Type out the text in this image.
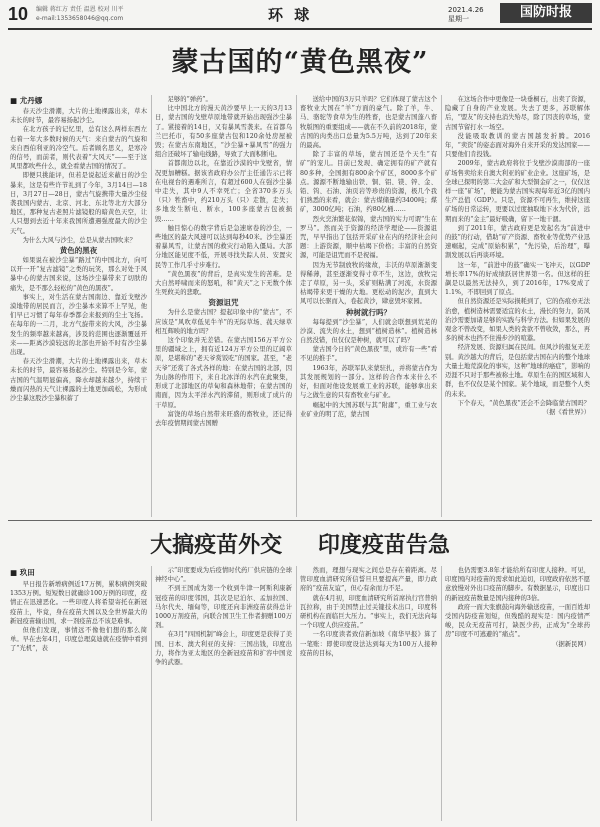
10 编辑 蒋红方 责任 温恩 校对 川平
e-mail:1353658046@qq.com	环 球	2021.4.26
星期一	国防时报
蒙古国的“黄色黑夜”
■ 尤丹娜

春天沙尘滑潮，大片的土地裸露出来，草木未长的时节，最容易扬起沙尘。

在北方孩子的记忆里，总有这么两样东西左右着一年大多数时候的天气：来自蒙古的气旋和来自西伯利亚的冷空气。后者顾名思义，是寒冷的信号，而前者，则代表着“大风天”——至于这风里都吹些什么，就全看蒙古国的情况了。

即便只挑能评，但若是说起近来蔽日的沙尘暴来，这是有些许节礼到了今年，3月14日—18日，3月27日—28日，蒙古气旋携带大量沙尘侵袭我国内蒙古、北京、河北、东北等北方大部分地区，那种复古老照片滤镜般的暗黄色天空，让人只想到去近十年来我国所遭遇强度最大的沙尘天气。

为什么大风与沙尘，总是从蒙古国吹来？

黄色的黑夜

如果说在被沙尘暴“路过”的中国北方，向可以开一开“复古滤镜”之类的玩笑，那么对处于风暴中心的蒙古国来说，这场沙尘暴带来了切肤的痛失，是不那么轻松的“黄色的黑夜”。

事实上，对生活在蒙古国南边、靠近戈壁沙漠地带的居民而言，沙尘暴本来算不上罕见，他们早已习惯了每年春季都会来报到的尘土飞扬。在每年的一二月，北方气旋带来的大风，沙尘暴发生的频率越来越高，涉及的范围也逐渐覆延开来——距离沙漠较远的北部也开始不时有沙尘暴出现。

春天沙尘滑潮，大片的土地裸露出来，草木未长的时节，最容易扬起沙尘。特别是今年，蒙古国的气温明显偏高，降水却越来越少，持续干燥而闪热的天气让裸露的土地更加疏松，为形成沙尘暴这股沙尘暴积蓄了

足够的“弹药”。

比中国北方的漫天黄沙要早上一天的3月13日，蒙古国的戈壁草原地带就开始出现强沙尘暴了。紧接着的14日，又有暴风雪袭来。在首都乌兰巴托市，有50多座蒙古包和120余处房屋被毁；在蒙古东南地区，“沙尘暴+暴风雪”的强力组合还破坏了输电线路，导致了大面积断电。

首都南边以北，在靠近沙漠的中戈壁省，情况更加糟糕。据该省政府办公厅主任通告示已将在电视台的遇难所言，有超过600人在强沙尘暴中走失，其中9人不幸死亡；全省370多万头（只）牲畜中，约210万头（只）走散，走失；多地发生断电、断水，100多座蒙古包被损毁……

触目惊心的数字背后是急速席卷的沙尘，一些地区的最大风速可以达到每秒40米。沙尘暴还着暴风雪，让蒙古国的救灾行动陷入僵局。大部分地区能见度不低，开展寻找失踪人员、安置灾民等工作几乎寸步难行。

“黄色黑夜”的背后，是真实发生的苦难。是大自然呼啸而来的怒吼，和“黄天”之下无数个体生死攸关的悲歌。

资源诅咒

为什么是蒙古国？提起印象中的“蒙古”，不应该是“风吹草低见牛羊”的无际草场、菰天绿草相互辉映的地方吗？

这个印象并无差错。在蒙古国156万平方公里的疆域之上，拥有近124万平方公里的辽阔草原，是堪称的“老天爷赏饭吃”的国家。甚至，“老天爷”还赏了各式各样的地：在蒙古国的北部，因为山脉的作用下，来自北冰洋的水汽在此聚集，形成了北部地区的草甸和森林地带；在蒙古国的南面，因为太平洋水汽的滞留，则形成了成片的干草原。

富饶的草场自然带来旺盛的畜牧业，还记得去年疫情期间蒙古国赠

送给中国的3万只羊吗？它们体现了蒙古这个畜牧业大国在“羊”方面的豪气。除了羊，牛、马、骆驼等食草为生的牲畜，也是蒙古国蓬八畜牧版图的重要组成——就在不久前的2018年，蒙古国的肉类出口总量为5.5万吨，达到了20年来的最高。

除了丰富的草场，蒙古国还是个天生“有矿”的宠儿。目前已发现、确定拥有的矿产就有80多种，全国拥有800余个矿区，8000多个矿点。源源不断地输出铁、铜、铝、镁、锌、金、铅、钨、石油、油页岩等珍贵的资源，极几个我们熟悉的来看，就会：蒙古煤储量约3400吨；煤矿，3000亿吨；石油，约80亿桶……

烈火烹油繁花似锦，蒙古国的实力可谓“生在罗马”。然而关于资源的经济学理论——资源诅咒，早早指出了包括开采矿业在内的经济社会问题：上游资源，顺中枯竭下价格；丰富的自然资源，可能是诅咒而不是祝福。

因为无节制放牧的缘故，丰沃的草原渐渐变得稀薄，甚至逐渐变得寸草不生，这边，放牧完走了草原，另一头，采矿则粘满了河流，水资源枯竭带来更干燥的大地。更松动的泥沙，直到大风可以长驱而入，卷起黄沙，肆意毁坏家园。

种树就行吗？

每每提到“沙尘暴”，人们就会联想到荒芜的沙漠、流失的水土，想到“植树造林”。植树造林自然没错，但仅仅是种树，就可以了吗？

蒙古国今日的“黄色黑夜”里，或许有一些“看不见的推手”。

1963年，苏联军队来蒙驻扎，并将蒙古作为其发展规划的一部分。这样的合作本来什么不好，但面对他设发展重工业的苏联，能够拿出来与之做生意的只有畜牧业与矿业。

崛起中的大国苏联与其“附庸”，重工业与农业矿业的明了范，蒙古国

在这场合作中更像是一块垂桐石，出卖了资源，隐藏了自身的产业发展。失去了更多，苏联解体后，“盟友”的支持也消失殆尽，除了因丧的草场，蒙古国节留打水一场空。

没能吸取教训的蒙古国越发折腾。2016年，“卖资”的姿态面对海外自来开采的发达国家——只要他们肯投钱。

2009年，蒙古政府将位于戈壁沙漠南部的一座矿场售卖给来自澳大利亚的矿业企业。这座矿场，是全球已探明的第二大金矿和大型铜金矿之一，仅仅这样一座“矿场”，便能为蒙古国实现每年近3亿的国内生产总值（GDP）。只是，资源不可再生，维持这座矿场的日常运转，更要以过度抽取地下水为代价，远期而来的“金主”最好吸确，留下一地干涸。

到了2011年，蒙古政府更是发起名为“前进中的鼓”的行动，借助“矿产资源、畜牧业等优势产业迅速崛起，完成“原始积累”，“先污染，后治理”，曝割发展以后再谈环境。

这一年，“前进中的鼓”确实一飞冲天，以GDP增长率17%的好成绩跃居世界第一名。但这样的狂飙是以最然无法持久，到了2016年，17%变成了1.1%，不即回到了原点。

但自然资源还是实际损耗到了，它的伤痕亦无法治愈，植树造林需要适宜的水土，漫长的努力，防风治沙需要加诸足够的实践与科学方法。但如果发展的观念不曾改变，如果人类的贪欲不曾收敛，那么，再多的树木也挡不住漫步沙的喧嚣。

经济发展、资源归属在民间。但风沙的报复无差别。黄沙越大的背后，是包括蒙古国在内的整个地球大量土地荒漠化的事实，这种“地球的癌症”，影响的迈涯不只对于那些被称土地。草原生在的国区域和人群，也不仅仅是某个国家。某个地域，而是整个人类的未来。

下个春天，“黄色黑夜”还会不会降临蒙古国吗？

（据《看世界》）

大搞疫苗外交 印度疫苗告急
■ 玖田

早日报告新增病例近17万例，累积病例突破1353万例。短短数日就确诊100万例的印度，疫情正在迅速恶化。一些印度人将希望寄托在新冠疫苗上，毕竟，身在疫苗大国以及全世界最大的新冠疫苗输出国，求一剂疫苗总不该是难事。

但他们发现，事情远不像他们想的那么简单。早在去年4月，印度总理莫迪就在疫情中看到了“光机”，表

示“印度要成为后疫情时代药厂供应链的全球神经中心”。

不到王国成为第一个收到牛津一阿斯利康新冠疫苗的印度邻国，其次是尼泊尔、孟加拉国、马尔代夫、缅甸等，印度还向非洲疫苗获得总计1000万剂疫苗，向联合国卫生工作者捐赠100万剂。

在3月“四国机制”峰会上，印度更是获得了美国、日本、澳大利亚的支持：三国出钱，印度出力，将作为亚太地区的全新冠疫苗和扩容中国竞争的武器。

然而，理想与现实之间总是存在着距离。尽管印度血清研究所信誓旦旦要提高产量，即力政府的“疫苗友谊”，但心有余而力不足。

就在4月初，印度血清研究所首席执行官普纳瓦拉称，由于美国禁止过关键技术出口，印度科研机构在面临巨大压力。“事实上，我们无法向每一个印度人供应疫苗。”

一名印度读者致信新加坡《南华早报》算了一笔账：即使印度设法达到每天为100万人接种疫苗的目标，

也仍需要3.8年才能给所有印度人接种。可见，印度国内对疫苗的需求如此迫切，印度政府依然不愿意放慢对外出口疫苗的脚步。有数据显示，印度出口的新冠疫苗数量是国内接种的3倍。

政府一面大张旗鼓向海外输送疫苗，一面百姓却受国内防疫苗划短，但残酷的现实是：国内疫情严峻，民众无疫苗可打，缺医少药，正成为“全球药房”印度不可逃避的“痛点”。

（据新民网）
